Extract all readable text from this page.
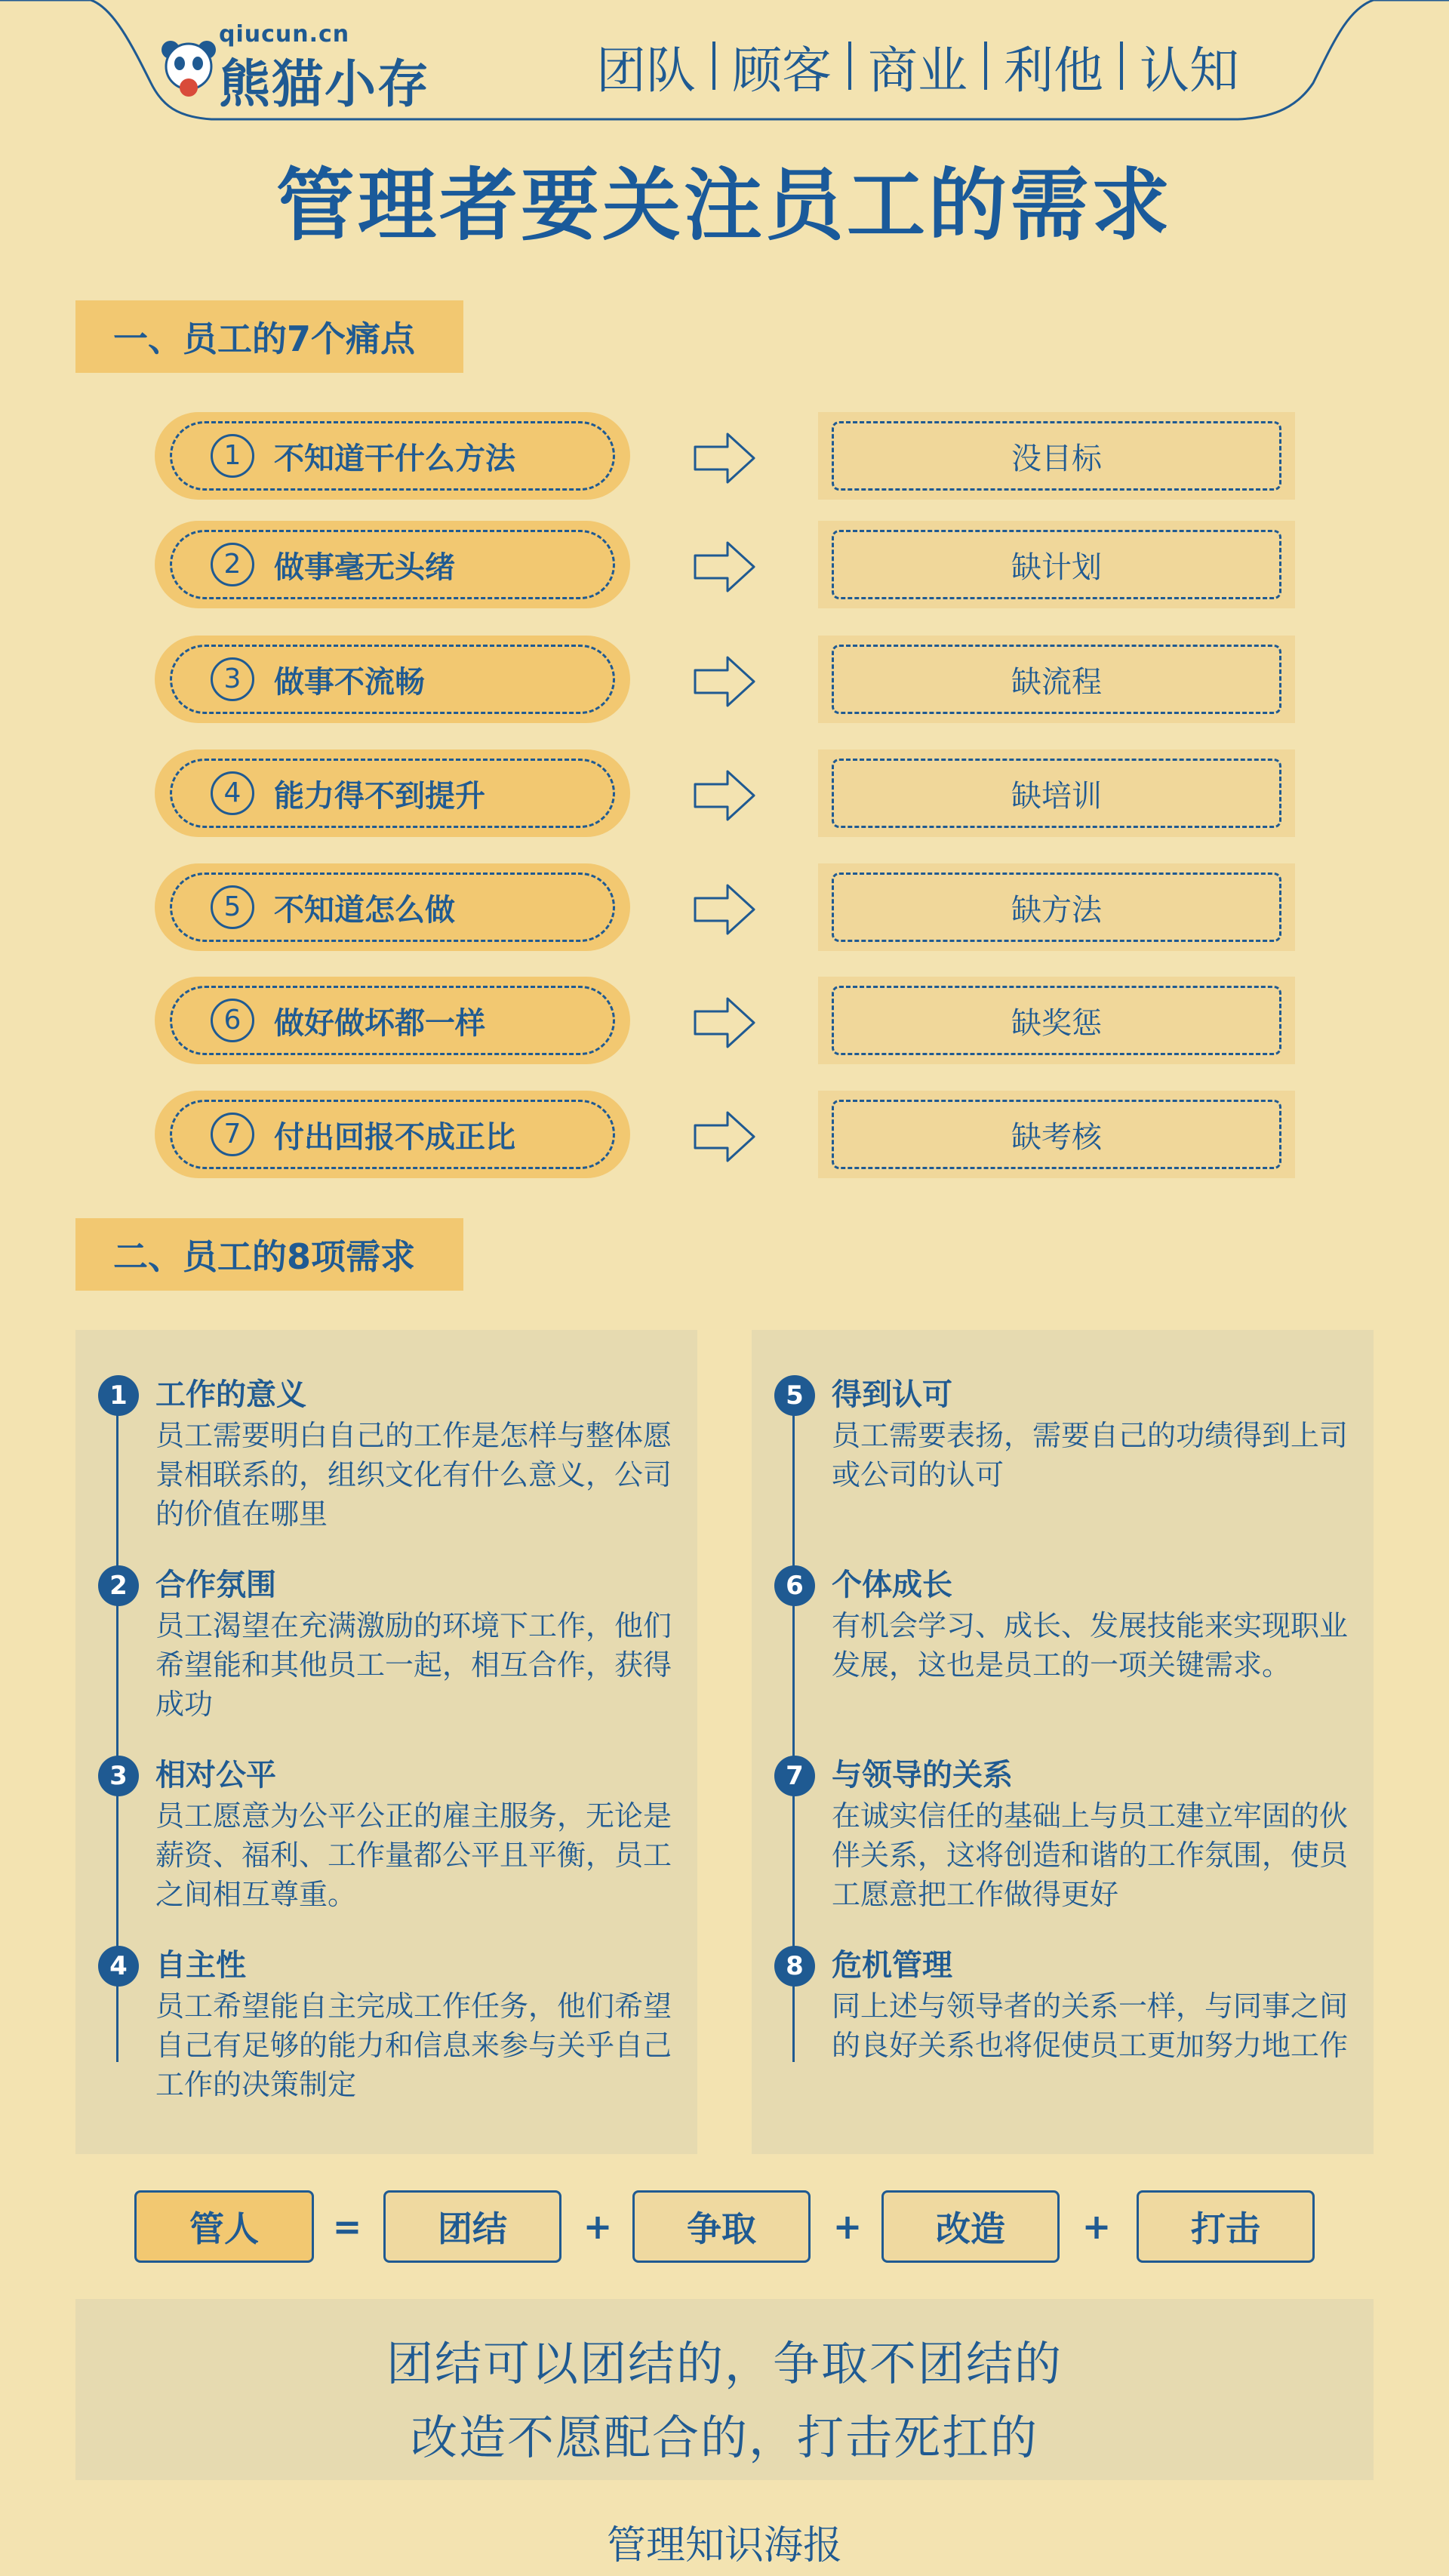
qiucun.cn
熊猫小存	团队 顾客 商业 利他 认知
管理者要关注员工的需求
一、员工的7个痛点
1	不知道干什么方法	没目标
2	做事毫无头绪	缺计划
3	做事不流畅	缺流程
4	能力得不到提升	缺培训
5	不知道怎么做	缺方法
6	做好做坏都一样	缺奖惩
7	付出回报不成正比	缺考核
二、员工的8项需求
1 工作的意义
员工需要明白自己的工作是怎样与整体愿景相联系的，组织文化有什么意义，公司的价值在哪里
2 合作氛围
员工渴望在充满激励的环境下工作，他们希望能和其他员工一起，相互合作，获得成功
3 相对公平
员工愿意为公平公正的雇主服务，无论是薪资、福利、工作量都公平且平衡，员工之间相互尊重。
4 自主性
员工希望能自主完成工作任务，他们希望自己有足够的能力和信息来参与关乎自己工作的决策制定
5 得到认可
员工需要表扬，需要自己的功绩得到上司或公司的认可
6 个体成长
有机会学习、成长、发展技能来实现职业发展，这也是员工的一项关键需求。
7 与领导的关系
在诚实信任的基础上与员工建立牢固的伙伴关系，这将创造和谐的工作氛围，使员工愿意把工作做得更好
8 危机管理
同上述与领导者的关系一样，与同事之间的良好关系也将促使员工更加努力地工作
管人	=	团结	+	争取	+	改造	+	打击
团结可以团结的，争取不团结的
改造不愿配合的，打击死扛的
管理知识海报
